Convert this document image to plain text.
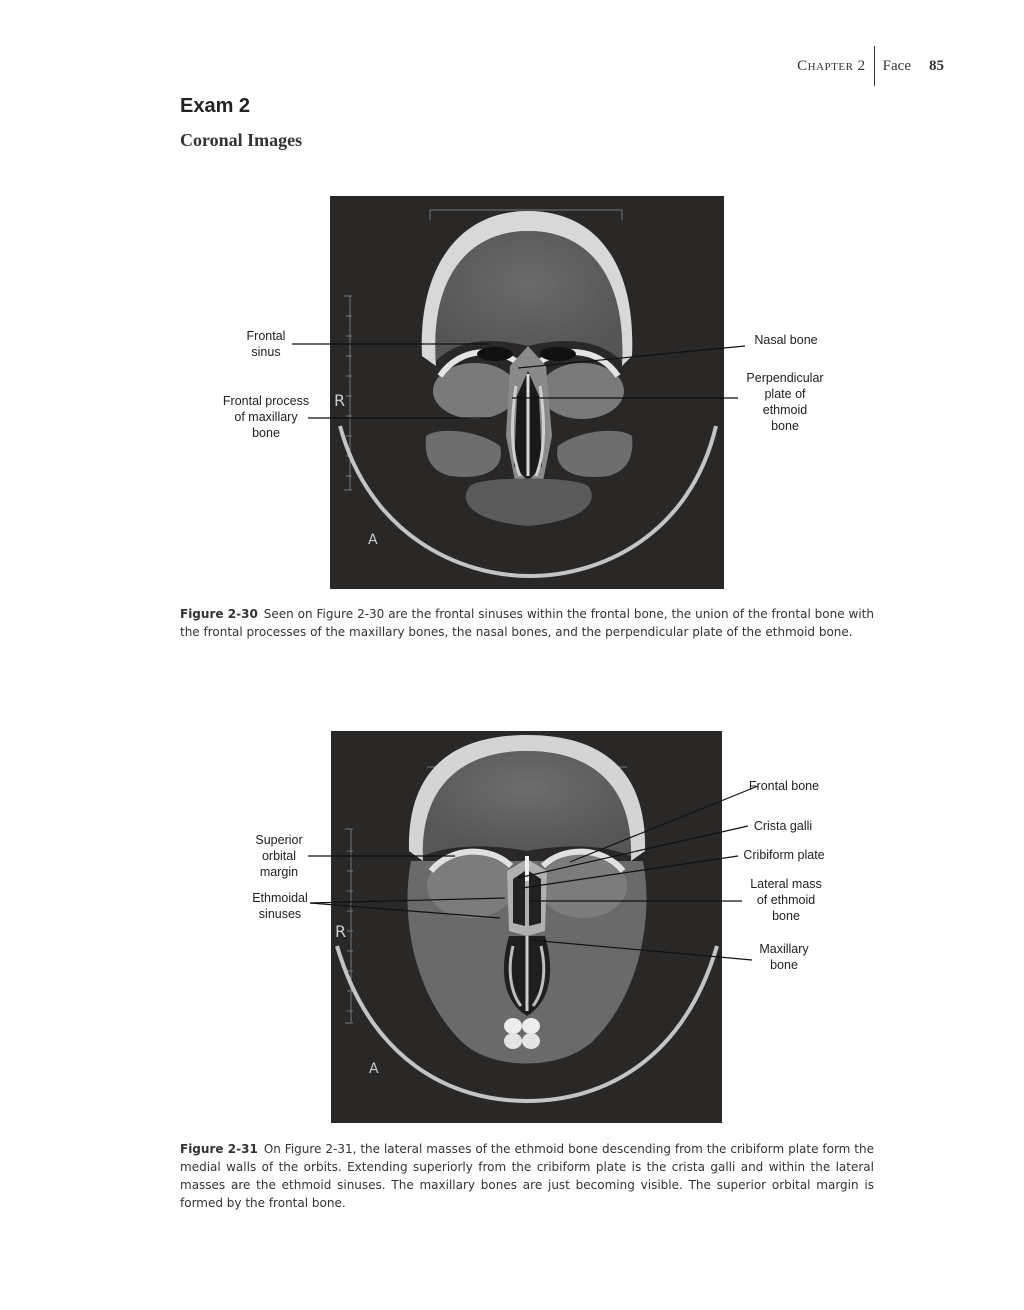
Chapter 2	Face	85
Exam 2
Coronal Images
R
A
Frontal
sinus
Frontal process
of maxillary
bone
Nasal bone
Perpendicular
plate of
ethmoid
bone

Figure 2-30 Seen on Figure 2-30 are the frontal sinuses within the frontal bone, the union of the frontal bone with the frontal processes of the maxillary bones, the nasal bones, and the perpendicular plate of the ethmoid bone.

R
A
Superior
orbital
margin
Ethmoidal
sinuses
Frontal bone
Crista galli
Cribiform plate
Lateral mass
of ethmoid
bone
Maxillary
bone

Figure 2-31 On Figure 2-31, the lateral masses of the ethmoid bone descending from the cribiform plate form the medial walls of the orbits. Extending superiorly from the cribiform plate is the crista galli and within the lateral masses are the ethmoid sinuses. The maxillary bones are just becoming visible. The superior orbital margin is formed by the frontal bone.
